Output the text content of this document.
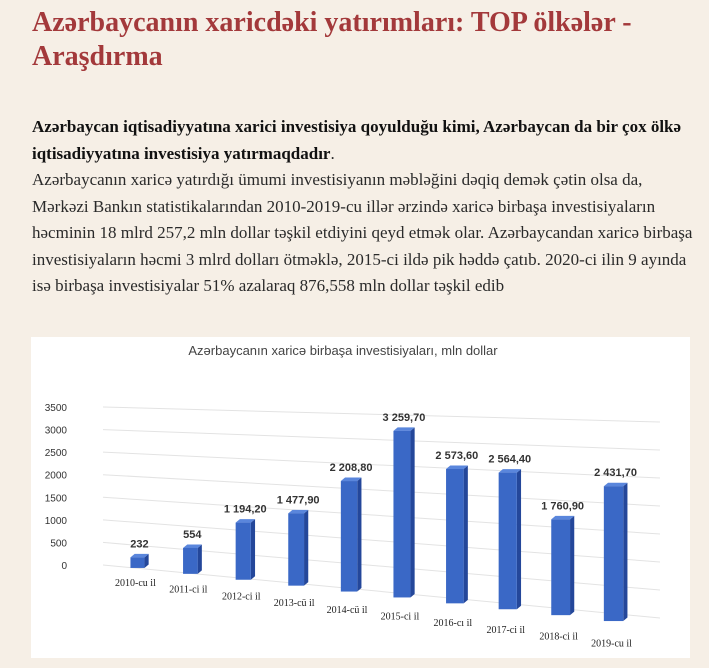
Azərbaycanın xaricdəki yatırımları: TOP ölkələr - Araşdırma
Azərbaycan iqtisadiyyatına xarici investisiya qoyulduğu kimi, Azərbaycan da bir çox ölkə iqtisadiyyatına investisiya yatırmaqdadır.
Azərbaycanın xaricə yatırdığı ümumi investisiyanın məbləğini dəqiq demək çətin olsa da, Mərkəzi Bankın statistikalarından 2010-2019-cu illər ərzində xaricə birbaşa investisiyaların həcminin 18 mlrd 257,2 mln dollar təşkil etdiyini qeyd etmək olar. Azərbaycandan xaricə birbaşa investisiyaların həcmi 3 mlrd dolları ötməklə, 2015-ci ildə pik həddə çatıb. 2020-ci ilin 9 ayında isə birbaşa investisiyalar 51% azalaraq 876,558 mln dollar təşkil edib
0
500
1000
1500
2000
2500
3000
3500
232
554
1 194,20
1 477,90
2 208,80
3 259,70
2 573,60 2 564,40
1 760,90
2 431,70
2010-cu il
2011-ci il
2012-ci il
2013-cü il
2014-cü il
2015-ci il
2016-cı il
2017-ci il
2018-ci il
2019-cu il
Azərbaycanın xaricə birbaşa investisiyaları, mln dollar
